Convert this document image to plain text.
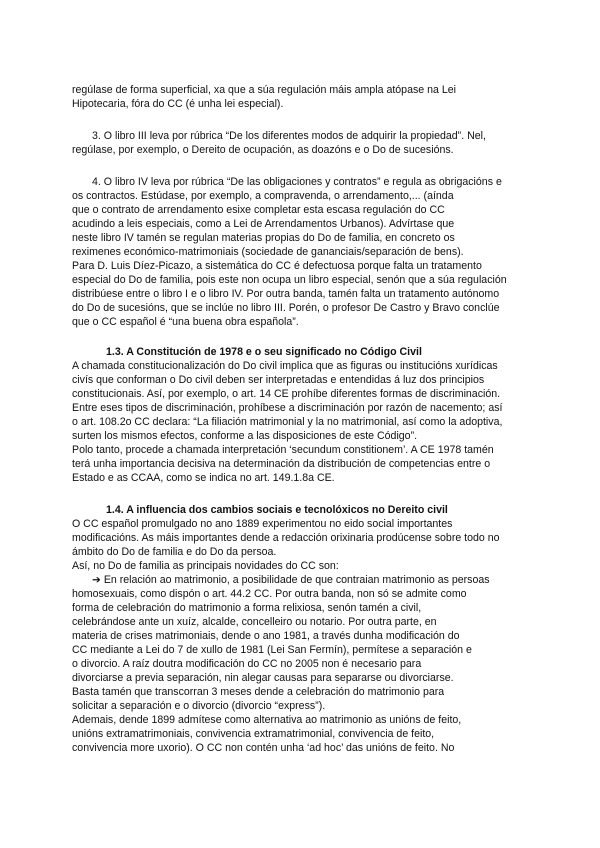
regúlase de forma superficial, xa que a súa regulación máis ampla atópase na Lei
Hipotecaria, fóra do CC (é unha lei especial).
3. O libro III leva por rúbrica “De los diferentes modos de adquirir la propiedad”. Nel,
regúlase, por exemplo, o Dereito de ocupación, as doazóns e o Do de sucesións.
4. O libro IV leva por rúbrica “De las obligaciones y contratos” e regula as obrigacións e
os contractos. Estúdase, por exemplo, a compravenda, o arrendamento,... (aínda
que o contrato de arrendamento esixe completar esta escasa regulación do CC
acudindo a leis especiais, como a Lei de Arrendamentos Urbanos). Advírtase que
neste libro IV tamén se regulan materias propias do Do de familia, en concreto os
reximenes económico-matrimoniais (sociedade de gananciais/separación de bens).
Para D. Luis Díez-Picazo, a sistemática do CC é defectuosa porque falta un tratamento
especial do Do de familia, pois este non ocupa un libro especial, senón que a súa regulación
distribúese entre o libro I e o libro IV. Por outra banda, tamén falta un tratamento autónomo
do Do de sucesións, que se inclúe no libro III. Porén, o profesor De Castro y Bravo conclúe
que o CC español é “una buena obra española”.
1.3. A Constitución de 1978 e o seu significado no Código Civil
A chamada constitucionalización do Do civil implica que as figuras ou institucións xurídicas
civís que conforman o Do civil deben ser interpretadas e entendidas á luz dos principios
constitucionais. Así, por exemplo, o art. 14 CE prohíbe diferentes formas de discriminación.
Entre eses tipos de discriminación, prohíbese a discriminación por razón de nacemento; así
o art. 108.2o CC declara: “La filiación matrimonial y la no matrimonial, así como la adoptiva,
surten los mismos efectos, conforme a las disposiciones de este Código”.
Polo tanto, procede a chamada interpretación ‘secundum constitionem’. A CE 1978 tamén
terá unha importancia decisiva na determinación da distribución de competencias entre o
Estado e as CCAA, como se indica no art. 149.1.8a CE.
1.4. A influencia dos cambios sociais e tecnolóxicos no Dereito civil
O CC español promulgado no ano 1889 experimentou no eido social importantes
modificacións. As máis importantes dende a redacción orixinaria prodúcense sobre todo no
ámbito do Do de familia e do Do da persoa.
Así, no Do de familia as principais novidades do CC son:
➔ En relación ao matrimonio, a posibilidade de que contraian matrimonio as persoas
homosexuais, como dispón o art. 44.2 CC. Por outra banda, non só se admite como
forma de celebración do matrimonio a forma relixiosa, senón tamén a civil,
celebrándose ante un xuíz, alcalde, concelleiro ou notario. Por outra parte, en
materia de crises matrimoniais, dende o ano 1981, a través dunha modificación do
CC mediante a Lei do 7 de xullo de 1981 (Lei San Fermín), permítese a separación e
o divorcio. A raíz doutra modificación do CC no 2005 non é necesario para
divorciarse a previa separación, nin alegar causas para separarse ou divorciarse.
Basta tamén que transcorran 3 meses dende a celebración do matrimonio para
solicitar a separación e o divorcio (divorcio “express”).
Ademais, dende 1899 admítese como alternativa ao matrimonio as unións de feito,
unións extramatrimoniais, convivencia extramatrimonial, convivencia de feito,
convivencia more uxorio). O CC non contén unha ‘ad hoc’ das unións de feito. No
